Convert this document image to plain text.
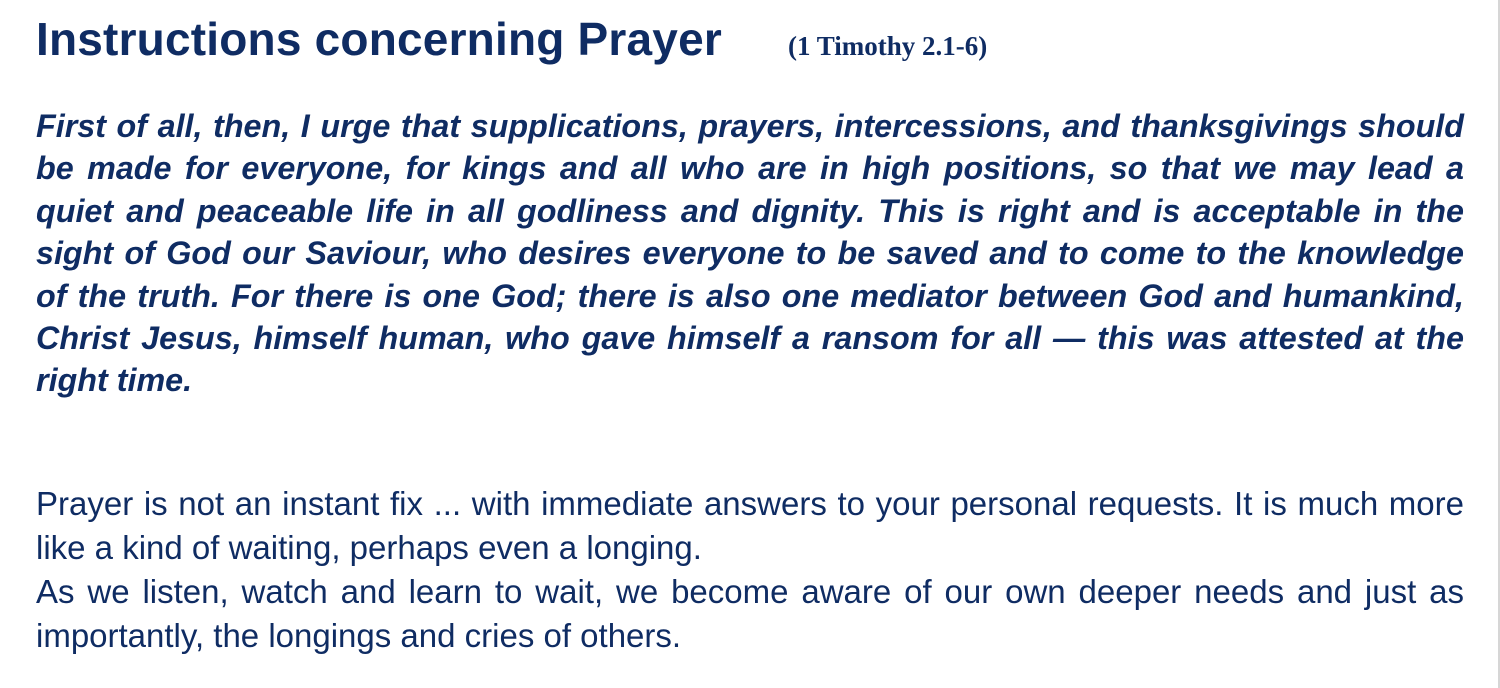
Instructions concerning Prayer (1 Timothy 2.1-6)

First of all, then, I urge that supplications, prayers, intercessions, and thanksgivings should be made for everyone, for kings and all who are in high positions, so that we may lead a quiet and peaceable life in all godliness and dignity. This is right and is acceptable in the sight of God our Saviour, who desires everyone to be saved and to come to the knowledge of the truth. For there is one God; there is also one mediator between God and humankind, Christ Jesus, himself human, who gave himself a ransom for all — this was attested at the right time.

Prayer is not an instant fix ... with immediate answers to your personal requests. It is much more like a kind of waiting, perhaps even a longing.

As we listen, watch and learn to wait, we become aware of our own deeper needs and just as importantly, the longings and cries of others.
